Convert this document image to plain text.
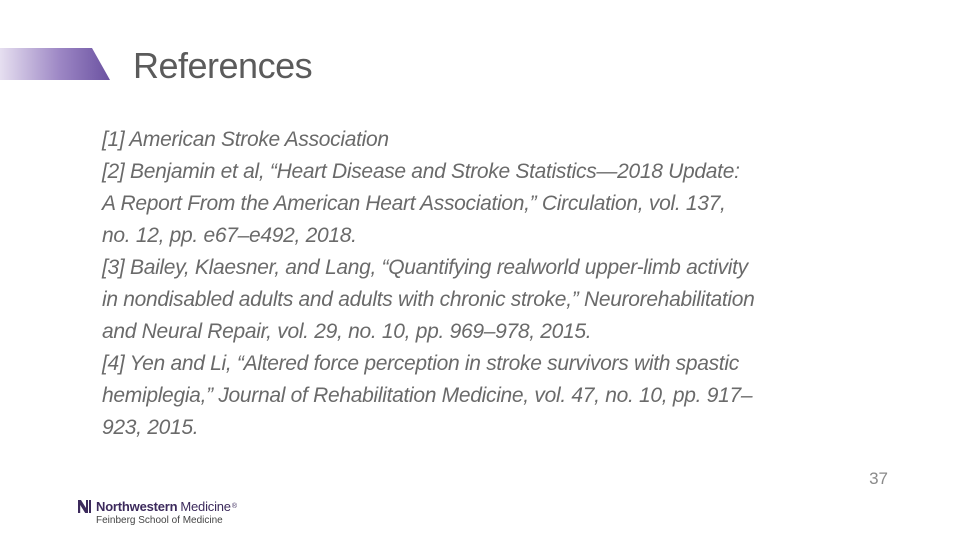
References
[1] American Stroke Association
[2] Benjamin et al, “Heart Disease and Stroke Statistics—2018 Update:
A Report From the American Heart Association,” Circulation, vol. 137,
no. 12, pp. e67–e492, 2018.
[3] Bailey, Klaesner, and Lang, “Quantifying realworld upper-limb activity
in nondisabled adults and adults with chronic stroke,” Neurorehabilitation
and Neural Repair, vol. 29, no. 10, pp. 969–978, 2015.
[4] Yen and Li, “Altered force perception in stroke survivors with spastic
hemiplegia,” Journal of Rehabilitation Medicine, vol. 47, no. 10, pp. 917–
923, 2015.
37
Northwestern Medicine ®
Feinberg School of Medicine
